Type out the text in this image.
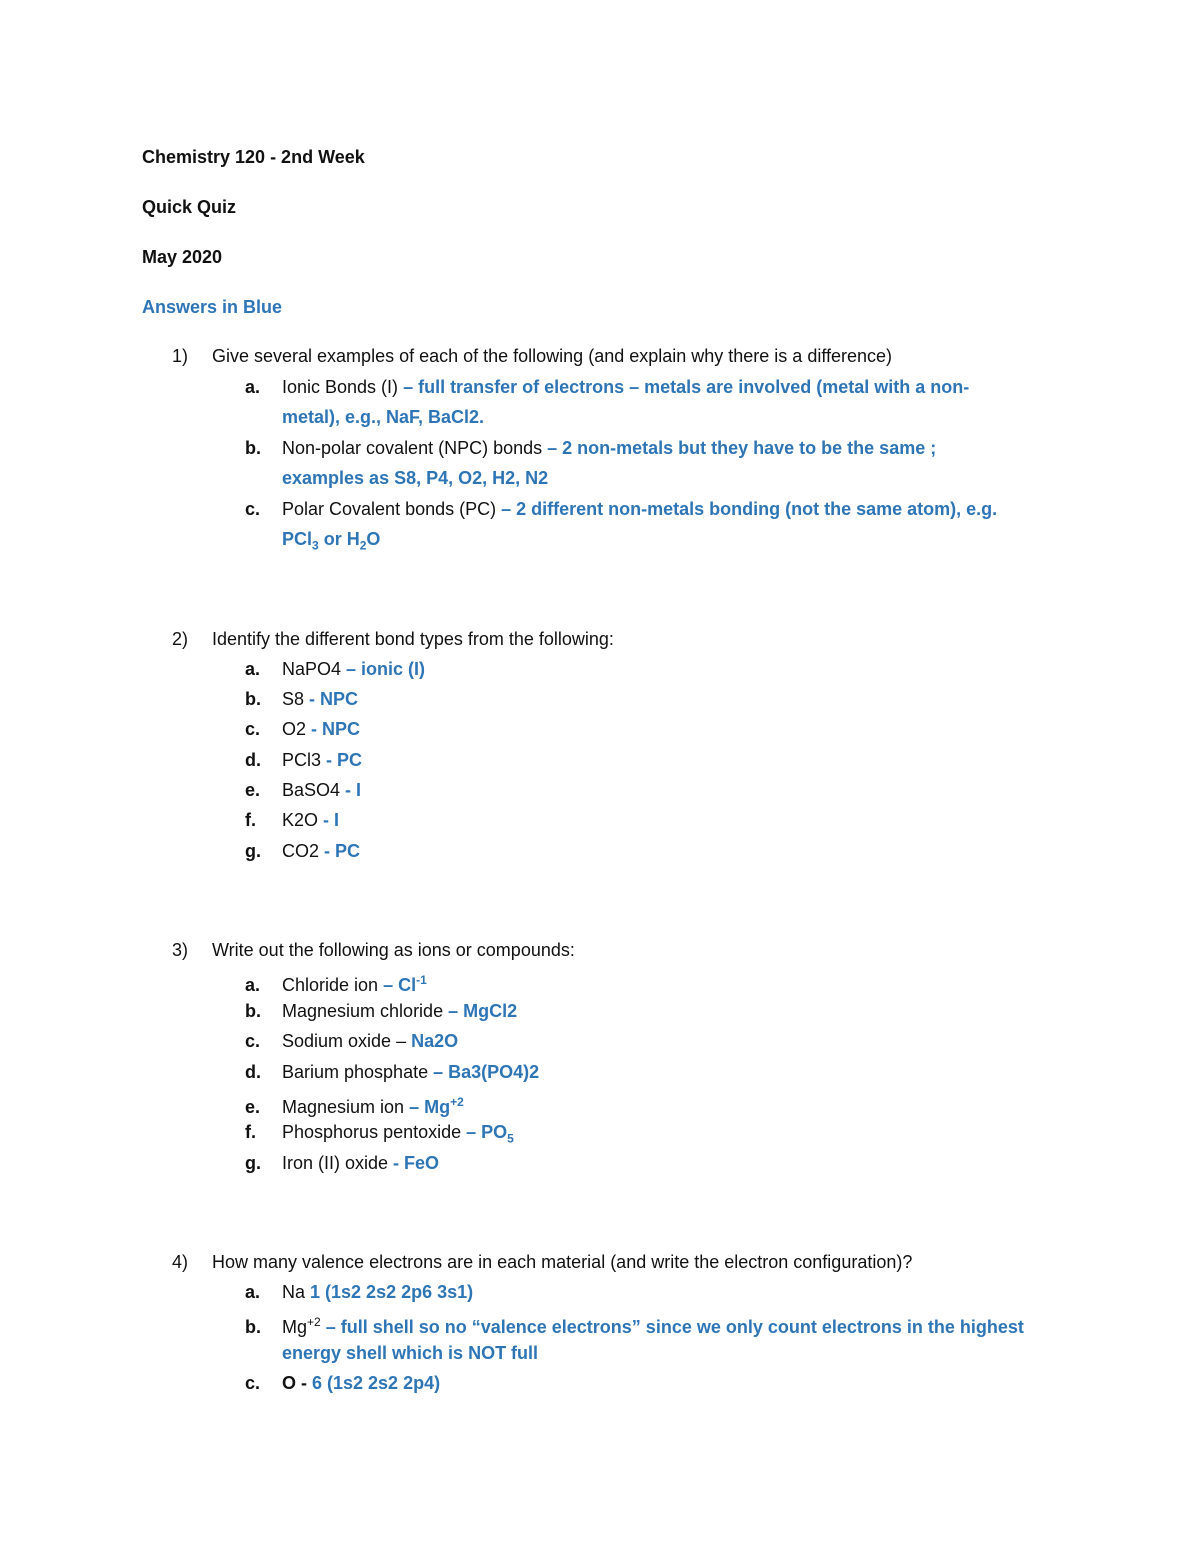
Chemistry 120 - 2nd Week
Quick Quiz
May 2020
Answers in Blue
1) Give several examples of each of the following (and explain why there is a difference)
a. Ionic Bonds (I) – full transfer of electrons – metals are involved (metal with a non-
metal), e.g., NaF, BaCl2.
b. Non-polar covalent (NPC) bonds – 2 non-metals but they have to be the same ;
examples as S8, P4, O2, H2, N2
c. Polar Covalent bonds (PC) – 2 different non-metals bonding (not the same atom), e.g.
PCl$_3$ or $H_2O$
2) Identify the different bond types from the following:
a. NaPO4 – ionic (I)
b. S8 - NPC
c. O2 - NPC
d. PCl3 - PC
e. BaSO4 - I
f. K2O - I
g. CO2 - PC
3) Write out the following as ions or compounds:
a. Chloride ion – $Cl^{-1}$
b. Magnesium chloride – MgCl2
c. Sodium oxide – Na2O
d. Barium phosphate – Ba3(PO4)2
e. Magnesium ion – $Mg^{+2}$
f. Phosphorus pentoxide – $PO_5$
g. Iron (II) oxide - FeO
4) How many valence electrons are in each material (and write the electron configuration)?
a. Na 1 (1s2 2s2 2p6 3s1)
b. $Mg^{+2}$ – full shell so no “valence electrons” since we only count electrons in the highest
energy shell which is NOT full
c. O - 6 (1s2 2s2 2p4)
